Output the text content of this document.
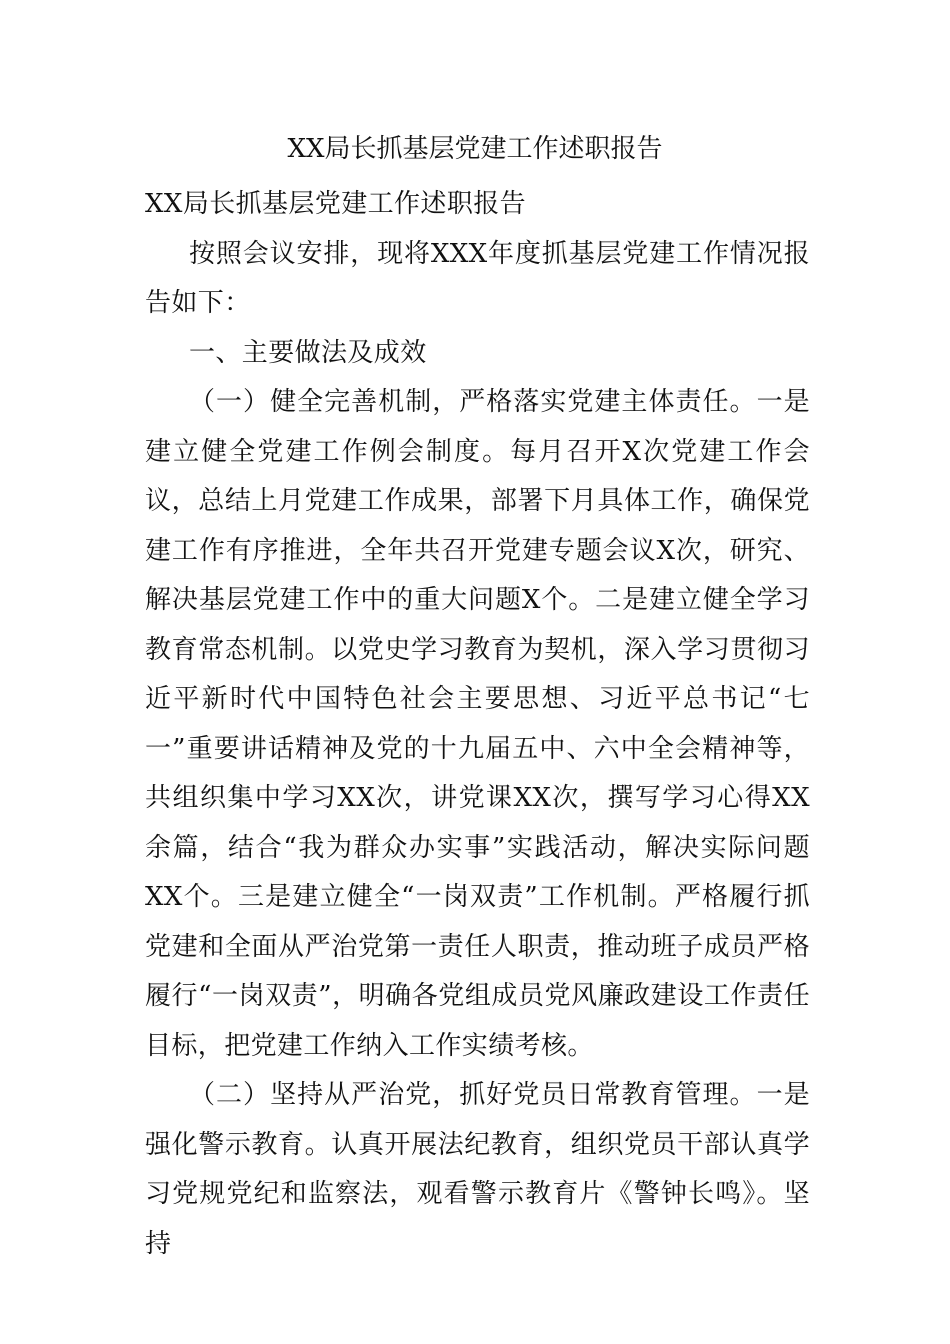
XX局长抓基层党建工作述职报告

XX局长抓基层党建工作述职报告

按照会议安排，现将XXX年度抓基层党建工作情况报告如下：

一、主要做法及成效

（一）健全完善机制，严格落实党建主体责任。一是建立健全党建工作例会制度。每月召开X次党建工作会议，总结上月党建工作成果，部署下月具体工作，确保党建工作有序推进，全年共召开党建专题会议X次，研究、解决基层党建工作中的重大问题X个。二是建立健全学习教育常态机制。以党史学习教育为契机，深入学习贯彻习近平新时代中国特色社会主要思想、习近平总书记“七一”重要讲话精神及党的十九届五中、六中全会精神等，共组织集中学习XX次，讲党课XX次，撰写学习心得XX余篇，结合“我为群众办实事”实践活动，解决实际问题XX个。三是建立健全“一岗双责”工作机制。严格履行抓党建和全面从严治党第一责任人职责，推动班子成员严格履行“一岗双责”，明确各党组成员党风廉政建设工作责任目标，把党建工作纳入工作实绩考核。

（二）坚持从严治党，抓好党员日常教育管理。一是强化警示教育。认真开展法纪教育，组织党员干部认真学习党规党纪和监察法，观看警示教育片《警钟长鸣》。坚持
